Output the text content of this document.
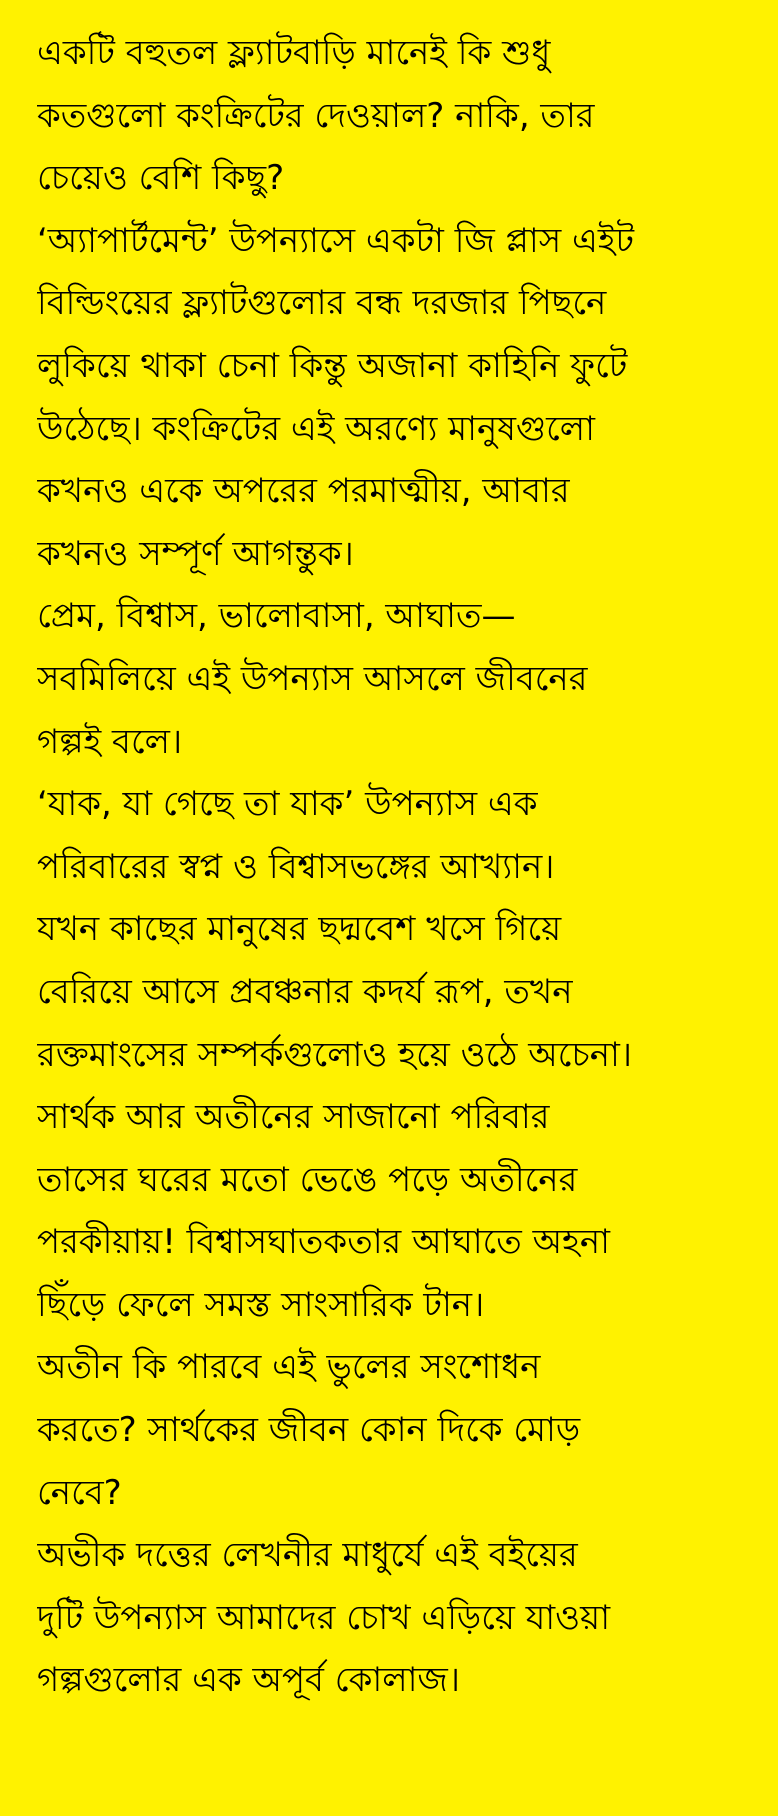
একটি বহুতল ফ্ল্যাটবাড়ি মানেই কি শুধু
কতগুলো কংক্রিটের দেওয়াল? নাকি, তার
চেয়েও বেশি কিছু?
‘অ্যাপার্টমেন্ট’ উপন্যাসে একটা জি প্লাস এইট
বিল্ডিংয়ের ফ্ল্যাটগুলোর বন্ধ দরজার পিছনে
লুকিয়ে থাকা চেনা কিন্তু অজানা কাহিনি ফুটে
উঠেছে। কংক্রিটের এই অরণ্যে মানুষগুলো
কখনও একে অপরের পরমাত্মীয়, আবার
কখনও সম্পূর্ণ আগন্তুক।
প্রেম, বিশ্বাস, ভালোবাসা, আঘাত—
সবমিলিয়ে এই উপন্যাস আসলে জীবনের
গল্পই বলে।
‘যাক, যা গেছে তা যাক’ উপন্যাস এক
পরিবারের স্বপ্ন ও বিশ্বাসভঙ্গের আখ্যান।
যখন কাছের মানুষের ছদ্মবেশ খসে গিয়ে
বেরিয়ে আসে প্রবঞ্চনার কদর্য রূপ, তখন
রক্তমাংসের সম্পর্কগুলোও হয়ে ওঠে অচেনা।
সার্থক আর অতীনের সাজানো পরিবার
তাসের ঘরের মতো ভেঙে পড়ে অতীনের
পরকীয়ায়! বিশ্বাসঘাতকতার আঘাতে অহনা
ছিঁড়ে ফেলে সমস্ত সাংসারিক টান।
অতীন কি পারবে এই ভুলের সংশোধন
করতে? সার্থকের জীবন কোন দিকে মোড়
নেবে?
অভীক দত্তের লেখনীর মাধুর্যে এই বইয়ের
দুটি উপন্যাস আমাদের চোখ এড়িয়ে যাওয়া
গল্পগুলোর এক অপূর্ব কোলাজ।
